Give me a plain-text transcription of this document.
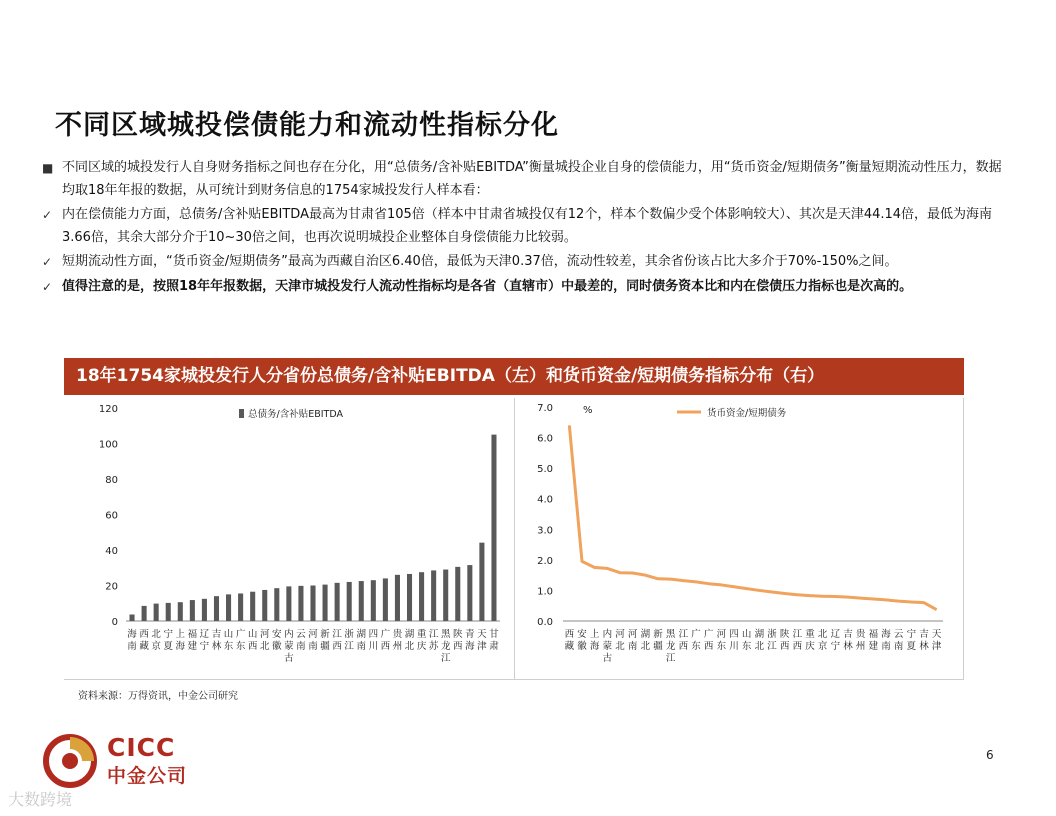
不同区域城投偿债能力和流动性指标分化
■ 不同区域的城投发行人自身财务指标之间也存在分化，用“总债务/含补贴EBITDA”衡量城投企业自身的偿债能力，用“货币资金/短期债务”衡量短期流动性压力，数据均取18年年报的数据，从可统计到财务信息的1754家城投发行人样本看：
✓ 内在偿债能力方面，总债务/含补贴EBITDA最高为甘肃省105倍（样本中甘肃省城投仅有12个，样本个数偏少受个体影响较大）、其次是天津44.14倍，最低为海南3.66倍，其余大部分介于10~30倍之间，也再次说明城投企业整体自身偿债能力比较弱。
✓ 短期流动性方面，“货币资金/短期债务”最高为西藏自治区6.40倍，最低为天津0.37倍，流动性较差，其余省份该占比大多介于70%-150%之间。
✓ 值得注意的是，按照18年年报数据，天津市城投发行人流动性指标均是各省（直辖市）中最差的，同时债务资本比和内在偿债压力指标也是次高的。
18年1754家城投发行人分省份总债务/含补贴EBITDA（左）和货币资金/短期债务指标分布（右）
0
20
40
60
80
100
120
海
南
西
藏
北
京
宁
夏
上
海
福
建
辽
宁
吉
林
山
东
广
东
山
西
河
北
安
徽
内
蒙
古
云
南
河
南
新
疆
江
西
浙
江
湖
南
四
川
广
西
贵
州
湖
北
重
庆
江
苏
黑
龙
江
陕
西
青
海
天
津
甘
肃
总债务/含补贴EBITDA
0.0
1.0
2.0
3.0
4.0
5.0
6.0
7.0	%
西
藏
安
徽
上
海
内
蒙
古
河
北
河
南
湖
北
新
疆
黑
龙
江
江
西
广
东
广
西
河
东
四
川
山
东
湖
北
浙
江
陕
西
江
西
重
庆
北
京
辽
宁
吉
林
贵
州
福
建
海
南
云
南
宁
夏
吉
林
天
津
货币资金/短期债务
资料来源：万得资讯，中金公司研究
CICC
中金公司
6
大数跨境
